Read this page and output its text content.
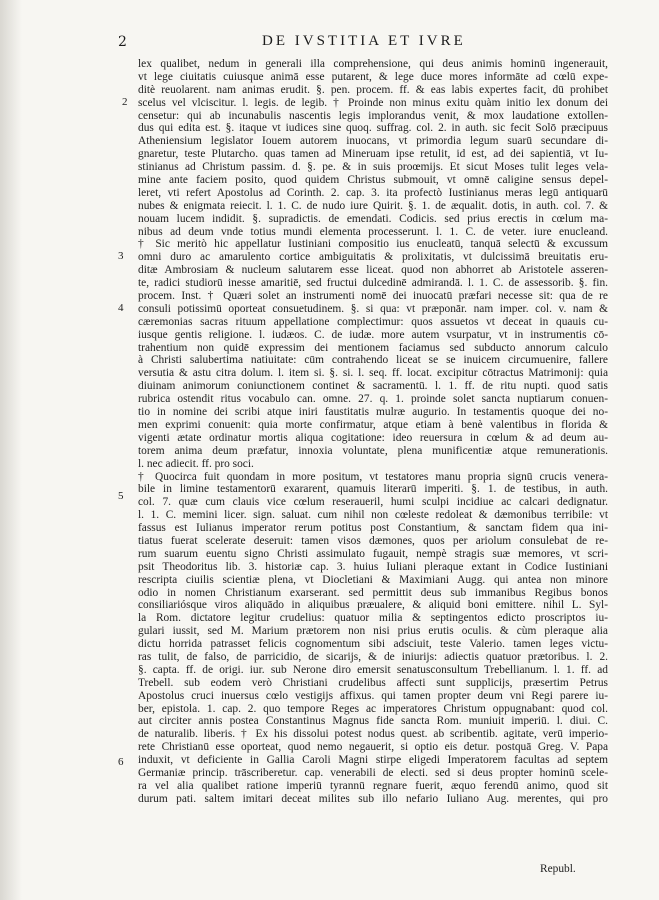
2	DE IVSTITIA ET IVRE
2
3
4
5
6
lex qualibet, nedum in generali illa comprehensione, qui deus animis hominū ingenerauit,
vt lege ciuitatis cuiusque animā esse putarent, & lege duce mores informāte ad cœlū expe-
ditè reuolarent. nam animas erudit. §. pen. procem. ff. & eas labis expertes facit, dū prohibet
scelus vel vlciscitur. l. legis. de legib. † Proinde non minus exitu quàm initio lex donum dei
censetur: qui ab incunabulis nascentis legis implorandus venit, & mox laudatione extollen-
dus qui edita est. §. itaque vt iudices sine quoq. suffrag. col. 2. in auth. sic fecit Solō præcipuus
Atheniensium legislator Iouem autorem inuocans, vt primordia legum suarū secundare di-
gnaretur, teste Plutarcho. quas tamen ad Mineruam ipse retulit, id est, ad dei sapientiā, vt Iu-
stinianus ad Christum passim. d. §. pe. & in suis proœmijs. Et sicut Moses tulit leges vela-
mine ante faciem posito, quod quidem Christus submouit, vt omnē caligine sensus depel-
leret, vti refert Apostolus ad Corinth. 2. cap. 3. ita profectò Iustinianus meras legū antiquarū
nubes & enigmata reiecit. l. 1. C. de nudo iure Quirit. §. 1. de æqualit. dotis, in auth. col. 7. &
nouam lucem indidit. §. supradictis. de emendati. Codicis. sed prius erectis in cœlum ma-
nibus ad deum vnde totius mundi elementa processerunt. l. 1. C. de veter. iure enucleand.
† Sic meritò hic appellatur Iustiniani compositio ius enucleatū, tanquā selectū & excussum
omni duro ac amarulento cortice ambiguitatis & prolixitatis, vt dulcissimā breuitatis eru-
ditæ Ambrosiam & nucleum salutarem esse liceat. quod non abhorret ab Aristotele asseren-
te, radici studiorū inesse amaritiē, sed fructui dulcedinē admirandā. l. 1. C. de assessorib. §. fin.
procem. Inst. † Quæri solet an instrumenti nomē dei inuocatū præfari necesse sit: qua de re
consuli potissimū oporteat consuetudinem. §. si qua: vt præponār. nam imper. col. v. nam &
cæremonias sacras rituum appellatione complectimur: quos assuetos vt deceat in quauis cu-
iusque gentis religione. l. iudæos. C. de iudæ. more autem vsurpatur, vt in instrumentis cō-
trahentium non quidē expressim dei mentionem faciamus sed subducto annorum calculo
à Christi salubertima natiuitate: cūm contrahendo liceat se se inuicem circumuenire, fallere
versutia & astu citra dolum. l. item si. §. si. l. seq. ff. locat. excipitur cōtractus Matrimonij: quia
diuinam animorum coniunctionem continet & sacramentū. l. 1. ff. de ritu nupti. quod satis
rubrica ostendit ritus vocabulo can. omne. 27. q. 1. proinde solet sancta nuptiarum conuen-
tio in nomine dei scribi atque iniri faustitatis mulræ augurio. In testamentis quoque dei no-
men exprimi conuenit: quia morte confirmatur, atque etiam à benè valentibus in florida &
vigenti ætate ordinatur mortis aliqua cogitatione: ideo reuersura in cœlum & ad deum au-
torem anima deum præfatur, innoxia voluntate, plena munificentiæ atque remunerationis.
l. nec adiecit. ff. pro soci.
† Quocirca fuit quondam in more positum, vt testatores manu propria signū crucis venera-
bile in limine testamentorū exararent, quamuis literarū imperiti. §. 1. de testibus, in auth.
col. 7. quæ cum clauis vice cœlum reseraueril, humi sculpi incidiue ac calcari dedignatur.
l. 1. C. memini licer. sign. saluat. cum nihil non cœleste redoleat & dæmonibus terribile: vt
fassus est Iulianus imperator rerum potitus post Constantium, & sanctam fidem qua ini-
tiatus fuerat scelerate deseruit: tamen visos dæmones, quos per ariolum consulebat de re-
rum suarum euentu signo Christi assimulato fugauit, nempè stragis suæ memores, vt scri-
psit Theodoritus lib. 3. historiæ cap. 3. huius Iuliani pleraque extant in Codice Iustiniani
rescripta ciuilis scientiæ plena, vt Diocletiani & Maximiani Augg. qui antea non minore
odio in nomen Christianum exarserant. sed permittit deus sub immanibus Regibus bonos
consiliariósque viros aliquādo in aliquibus præualere, & aliquid boni emittere. nihil L. Syl-
la Rom. dictatore legitur crudelius: quatuor milia & septingentos edicto proscriptos iu-
gulari iussit, sed M. Marium prætorem non nisi prius erutis oculis. & cùm pleraque alia
dictu horrida patrasset felicis cognomentum sibi adsciuit, teste Valerio. tamen leges victu-
ras tulit, de falso, de parricidio, de sicarijs, & de iniurijs: adiectis quatuor prætoribus. l. 2.
§. capta. ff. de origi. iur. sub Nerone diro emersit senatusconsultum Trebellianum. l. 1. ff. ad
Trebell. sub eodem verò Christiani crudelibus affecti sunt supplicijs, præsertim Petrus
Apostolus cruci inuersus cœlo vestigijs affixus. qui tamen propter deum vni Regi parere iu-
ber, epistola. 1. cap. 2. quo tempore Reges ac imperatores Christum oppugnabant: quod col.
aut circiter annis postea Constantinus Magnus fide sancta Rom. muniuit imperiū. l. diui. C.
de naturalib. liberis. † Ex his dissolui potest nodus quest. ab scribentib. agitate, verū imperio-
rete Christianū esse oporteat, quod nemo negauerit, si optio eis detur. postquā Greg. V. Papa
induxit, vt deficiente in Gallia Caroli Magni stirpe eligedi Imperatorem facultas ad septem
Germaniæ princip. trāscriberetur. cap. venerabili de electi. sed si deus propter hominū scele-
ra vel alia qualibet ratione imperiū tyrannū regnare fuerit, æquo ferendū animo, quod sit
durum pati. saltem imitari deceat milites sub illo nefario Iuliano Aug. merentes, qui pro
Republ.
